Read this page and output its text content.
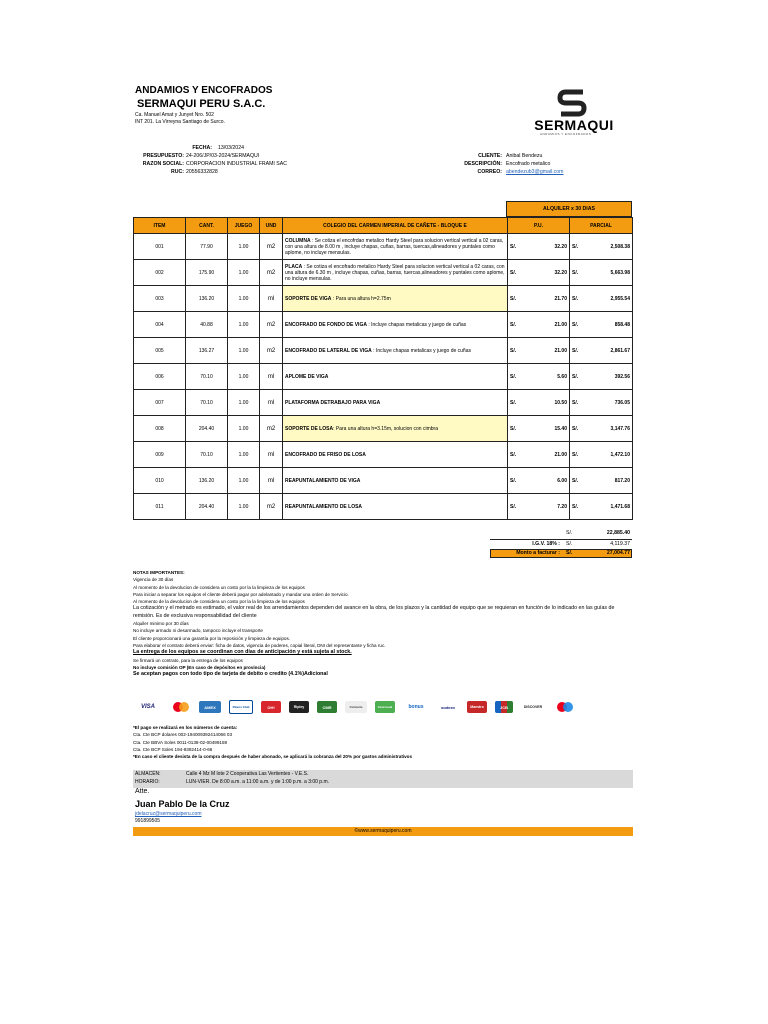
ANDAMIOS Y ENCOFRADOS
SERMAQUI PERU S.A.C.
Ca. Manuel Amat y Junyet Nro. 502
INT 201. La Virreyna Santiago de Surco.	SERMAQUI
ANDAMIOS Y ENCOFRADOS
FECHA: 13/03/2024
PRESUPUESTO: 24-206/JP/03-2024/SERMAQUI
RAZON SOCIAL: CORPORACION INDUSTRIAL FRAMI SAC
RUC: 20556332828
CLIENTE: Anibal Bendezu
DESCRIPCIÓN: Encofrado metalico
CORREO: abendezub3@gmail.com
ALQUILER x 30 DIAS
ITEM	CANT.	JUEGO	UND	COLEGIO DEL CARMEN IMPERIAL DE CAÑETE - BLOQUE E	P.U.	PARCIAL
001	77.90	1.00	m2	COLUMNA : Se cotiza el encofrdao metalico Hardy Steel para solucion vertical vertical a 02 caras, con una altura de 8.00 m , incluye chapas, cuñas, barras, tuercas,alineadores y puntales como aplome, no incluye mensulas.	S/. 32.20	S/. 2,508.38

002	175.90	1.00	m2	PLACA : Se cotiza el encofrado metalico Hardy Steel para solucion vertical vertical a 02 caras, con una altura de 6.30 m , incluye chapas, cuñas, barras, tuercas,alineadores y puntales como aplome, no incluye mensulas.	S/. 32.20	S/. 5,663.98

003	136.20	1.00	ml	SOPORTE DE VIGA : Para una altura h=2.75m	S/. 21.70	S/. 2,955.54

004	40.88	1.00	m2	ENCOFRADO DE FONDO DE VIGA : Incluye chapas metalicas y juego de cuñas	S/. 21.00	S/. 858.48

005	136.27	1.00	m2	ENCOFRADO DE LATERAL DE VIGA : Incluye chapas metalicas y juego de cuñas	S/. 21.00	S/. 2,861.67

006	70.10	1.00	ml	APLOME DE VIGA	S/. 5.60	S/. 392.56

007	70.10	1.00	ml	PLATAFORMA DETRABAJO PARA VIGA	S/. 10.50	S/. 736.05

008	204.40	1.00	m2	SOPORTE DE LOSA: Para una altura h=3.15m, solucion con cimbra	S/. 15.40	S/. 3,147.76

009	70.10	1.00	ml	ENCOFRADO DE FRISO DE LOSA	S/. 21.00	S/. 1,472.10

010	136.20	1.00	ml	REAPUNTALAMIENTO DE VIGA	S/. 6.00	S/. 817.20

011	204.40	1.00	m2	REAPUNTALAMIENTO DE LOSA	S/. 7.20	S/. 1,471.68
S/.	22,885.40
I.G.V. 18% : S/.	4,119.37
Monto a facturar : S/.	27,004.77
NOTAS IMPORTANTES:
Vigencia de 30 días
Al momento de la devolucion de considera un costo por la la limpieza de los equipos
Para iniciar a separar los equipos el cliente deberá pagar por adelantado y mandar una orden de Servicio.
Al momento de la devolucion de considera un costo por la la limpieza de los equipos
La cotización y el metrado es estimado, el valor real de los arrendamientos dependen del avance en la obra, de los plazos y la cantidad de equipo que se requieran en función de lo indicado en las guías de remisión. Es de exclusiva responsabilidad del cliente
Alquiler minimo por 30 días
No incluye armado ni desarmado, tampoco incluye el transporte
El cliente proporcionará una garantía por la reposición y limpieza de equipos.
Para elaborar el contrato deberá enviar: ficha de datos, vigencia de poderes, copial literal, DNI del representante y ficha ruc.
La entrega de los equipos se coordinan con días de anticipación y está sujeta al stock.
Se firmará un contrato, para la entrega de los equipos
No incluye comisión OP (En caso de depósitos en provincia)
Se aceptan pagos con todo tipo de tarjeta de debito o credito (4.1%)Adicional
VISA	AMEX	Diners Club	OH!	Ripley	CMR	Falabella	Cencosud	bonus	sodexo	Maestro	JCB	DISCOVER
*El pago se realizará en los números de cuenta:
Cta. Cte BCP dolares 002-194009392414066 03
Cta. Cte BBVA Soles 0011-0138-02-00499159
Cta. Cte BCP Soles 194-9392414-0-66
*En caso el cliente desista de la compra después de haber abonado, se aplicará la cobranza del 20% por gastos administrativos
ALMACÉN:	Calle 4 Mz M lote 2 Cooperativa Las Vertientes - V.E.S.
HORARIO:	LUN-VIER. De 8:00 a.m. a 11:00 a.m. y de 1:00 p.m. a 3:00 p.m.
Atte.
Juan Pablo De la Cruz
jdelacruz@sermaquiperu.com
991899505
©www.sermaquiperu.com
